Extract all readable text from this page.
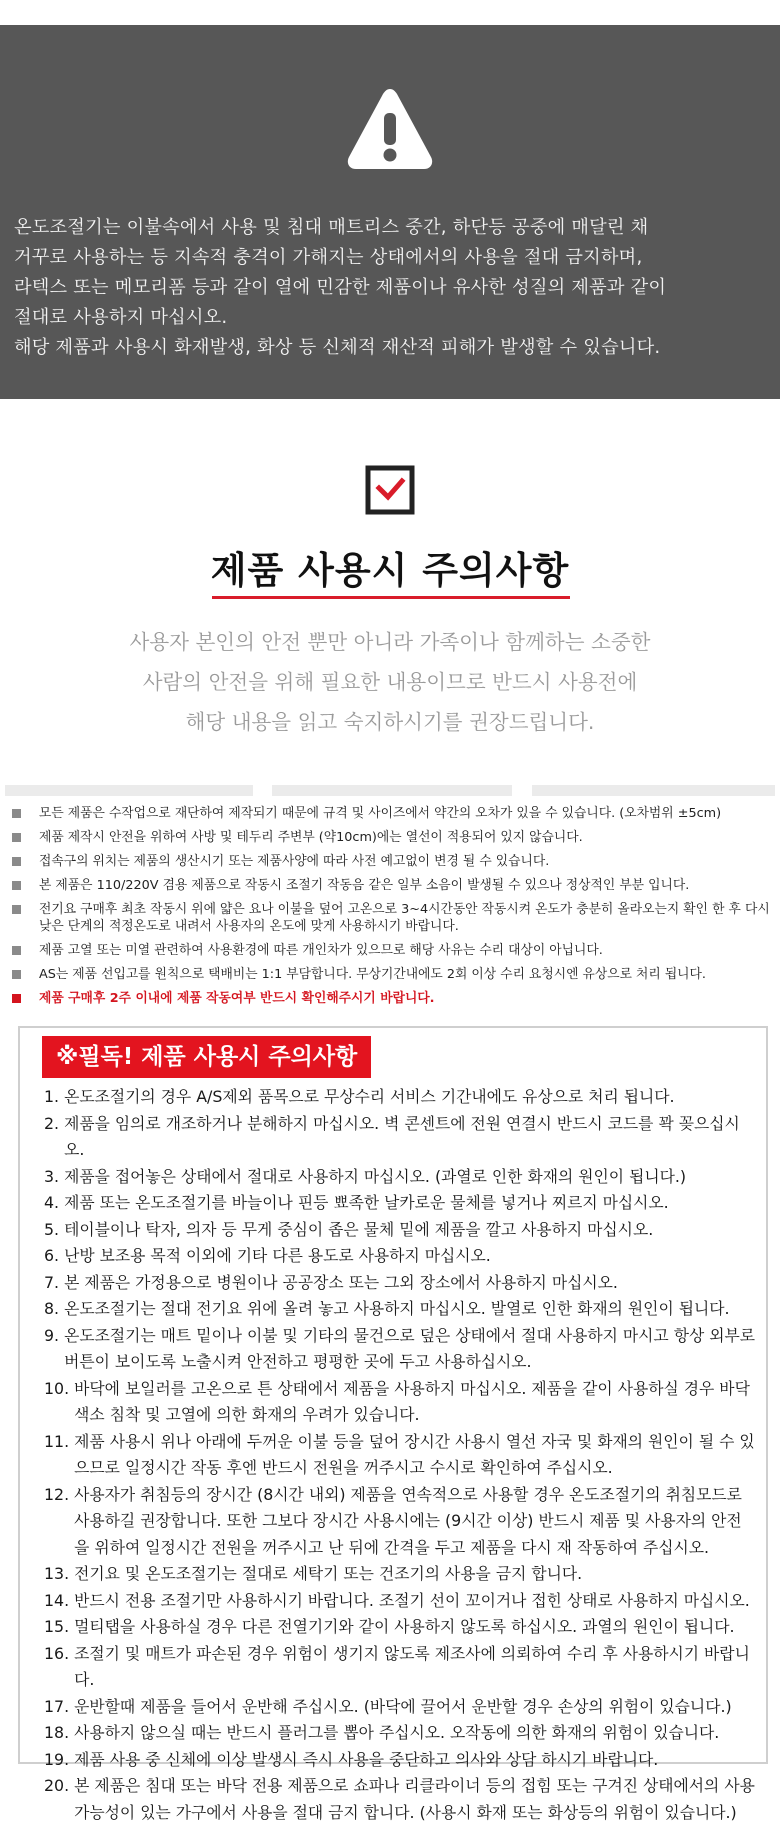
온도조절기는 이불속에서 사용 및 침대 매트리스 중간, 하단등 공중에 매달린 채

거꾸로 사용하는 등 지속적 충격이 가해지는 상태에서의 사용을 절대 금지하며,

라텍스 또는 메모리폼 등과 같이 열에 민감한 제품이나 유사한 성질의 제품과 같이

절대로 사용하지 마십시오.

해당 제품과 사용시 화재발생, 화상 등 신체적 재산적 피해가 발생할 수 있습니다.

제품 사용시 주의사항

사용자 본인의 안전 뿐만 아니라 가족이나 함께하는 소중한

사람의 안전을 위해 필요한 내용이므로 반드시 사용전에

해당 내용을 읽고 숙지하시기를 권장드립니다.

모든 제품은 수작업으로 재단하여 제작되기 때문에 규격 및 사이즈에서 약간의 오차가 있을 수 있습니다. (오차범위 ±5cm)
제품 제작시 안전을 위하여 사방 및 테두리 주변부 (약10cm)에는 열선이 적용되어 있지 않습니다.
접속구의 위치는 제품의 생산시기 또는 제품사양에 따라 사전 예고없이 변경 될 수 있습니다.
본 제품은 110/220V 겸용 제품으로 작동시 조절기 작동음 같은 일부 소음이 발생될 수 있으나 정상적인 부분 입니다.
전기요 구매후 최초 작동시 위에 얇은 요나 이불을 덮어 고온으로 3~4시간동안 작동시켜 온도가 충분히 올라오는지 확인 한 후 다시 낮은 단계의 적정온도로 내려서 사용자의 온도에 맞게 사용하시기 바랍니다.
제품 고열 또는 미열 관련하여 사용환경에 따른 개인차가 있으므로 해당 사유는 수리 대상이 아닙니다.
AS는 제품 선입고를 원칙으로 택배비는 1:1 부담합니다. 무상기간내에도 2회 이상 수리 요청시엔 유상으로 처리 됩니다.
제품 구매후 2주 이내에 제품 작동여부 반드시 확인해주시기 바랍니다.
※필독! 제품 사용시 주의사항
1. 온도조절기의 경우 A/S제외 품목으로 무상수리 서비스 기간내에도 유상으로 처리 됩니다.
2. 제품을 임의로 개조하거나 분해하지 마십시오. 벽 콘센트에 전원 연결시 반드시 코드를 꽉 꽂으십시오.
3. 제품을 접어놓은 상태에서 절대로 사용하지 마십시오. (과열로 인한 화재의 원인이 됩니다.)
4. 제품 또는 온도조절기를 바늘이나 핀등 뾰족한 날카로운 물체를 넣거나 찌르지 마십시오.
5. 테이블이나 탁자, 의자 등 무게 중심이 좁은 물체 밑에 제품을 깔고 사용하지 마십시오.
6. 난방 보조용 목적 이외에 기타 다른 용도로 사용하지 마십시오.
7. 본 제품은 가정용으로 병원이나 공공장소 또는 그외 장소에서 사용하지 마십시오.
8. 온도조절기는 절대 전기요 위에 올려 놓고 사용하지 마십시오. 발열로 인한 화재의 원인이 됩니다.
9. 온도조절기는 매트 밑이나 이불 및 기타의 물건으로 덮은 상태에서 절대 사용하지 마시고 항상 외부로 버튼이 보이도록 노출시켜 안전하고 평평한 곳에 두고 사용하십시오.
10. 바닥에 보일러를 고온으로 튼 상태에서 제품을 사용하지 마십시오. 제품을 같이 사용하실 경우 바닥 색소 침착 및 고열에 의한 화재의 우려가 있습니다.
11. 제품 사용시 위나 아래에 두꺼운 이불 등을 덮어 장시간 사용시 열선 자국 및 화재의 원인이 될 수 있으므로 일정시간 작동 후엔 반드시 전원을 꺼주시고 수시로 확인하여 주십시오.
12. 사용자가 취침등의 장시간 (8시간 내외) 제품을 연속적으로 사용할 경우 온도조절기의 취침모드로 사용하길 권장합니다. 또한 그보다 장시간 사용시에는 (9시간 이상) 반드시 제품 및 사용자의 안전을 위하여 일정시간 전원을 꺼주시고 난 뒤에 간격을 두고 제품을 다시 재 작동하여 주십시오.
13. 전기요 및 온도조절기는 절대로 세탁기 또는 건조기의 사용을 금지 합니다.
14. 반드시 전용 조절기만 사용하시기 바랍니다. 조절기 선이 꼬이거나 접힌 상태로 사용하지 마십시오.
15. 멀티탭을 사용하실 경우 다른 전열기기와 같이 사용하지 않도록 하십시오. 과열의 원인이 됩니다.
16. 조절기 및 매트가 파손된 경우 위험이 생기지 않도록 제조사에 의뢰하여 수리 후 사용하시기 바랍니다.
17. 운반할때 제품을 들어서 운반해 주십시오. (바닥에 끌어서 운반할 경우 손상의 위험이 있습니다.)
18. 사용하지 않으실 때는 반드시 플러그를 뽑아 주십시오. 오작동에 의한 화재의 위험이 있습니다.
19. 제품 사용 중 신체에 이상 발생시 즉시 사용을 중단하고 의사와 상담 하시기 바랍니다.
20. 본 제품은 침대 또는 바닥 전용 제품으로 쇼파나 리클라이너 등의 접힘 또는 구겨진 상태에서의 사용 가능성이 있는 가구에서 사용을 절대 금지 합니다. (사용시 화재 또는 화상등의 위험이 있습니다.)
